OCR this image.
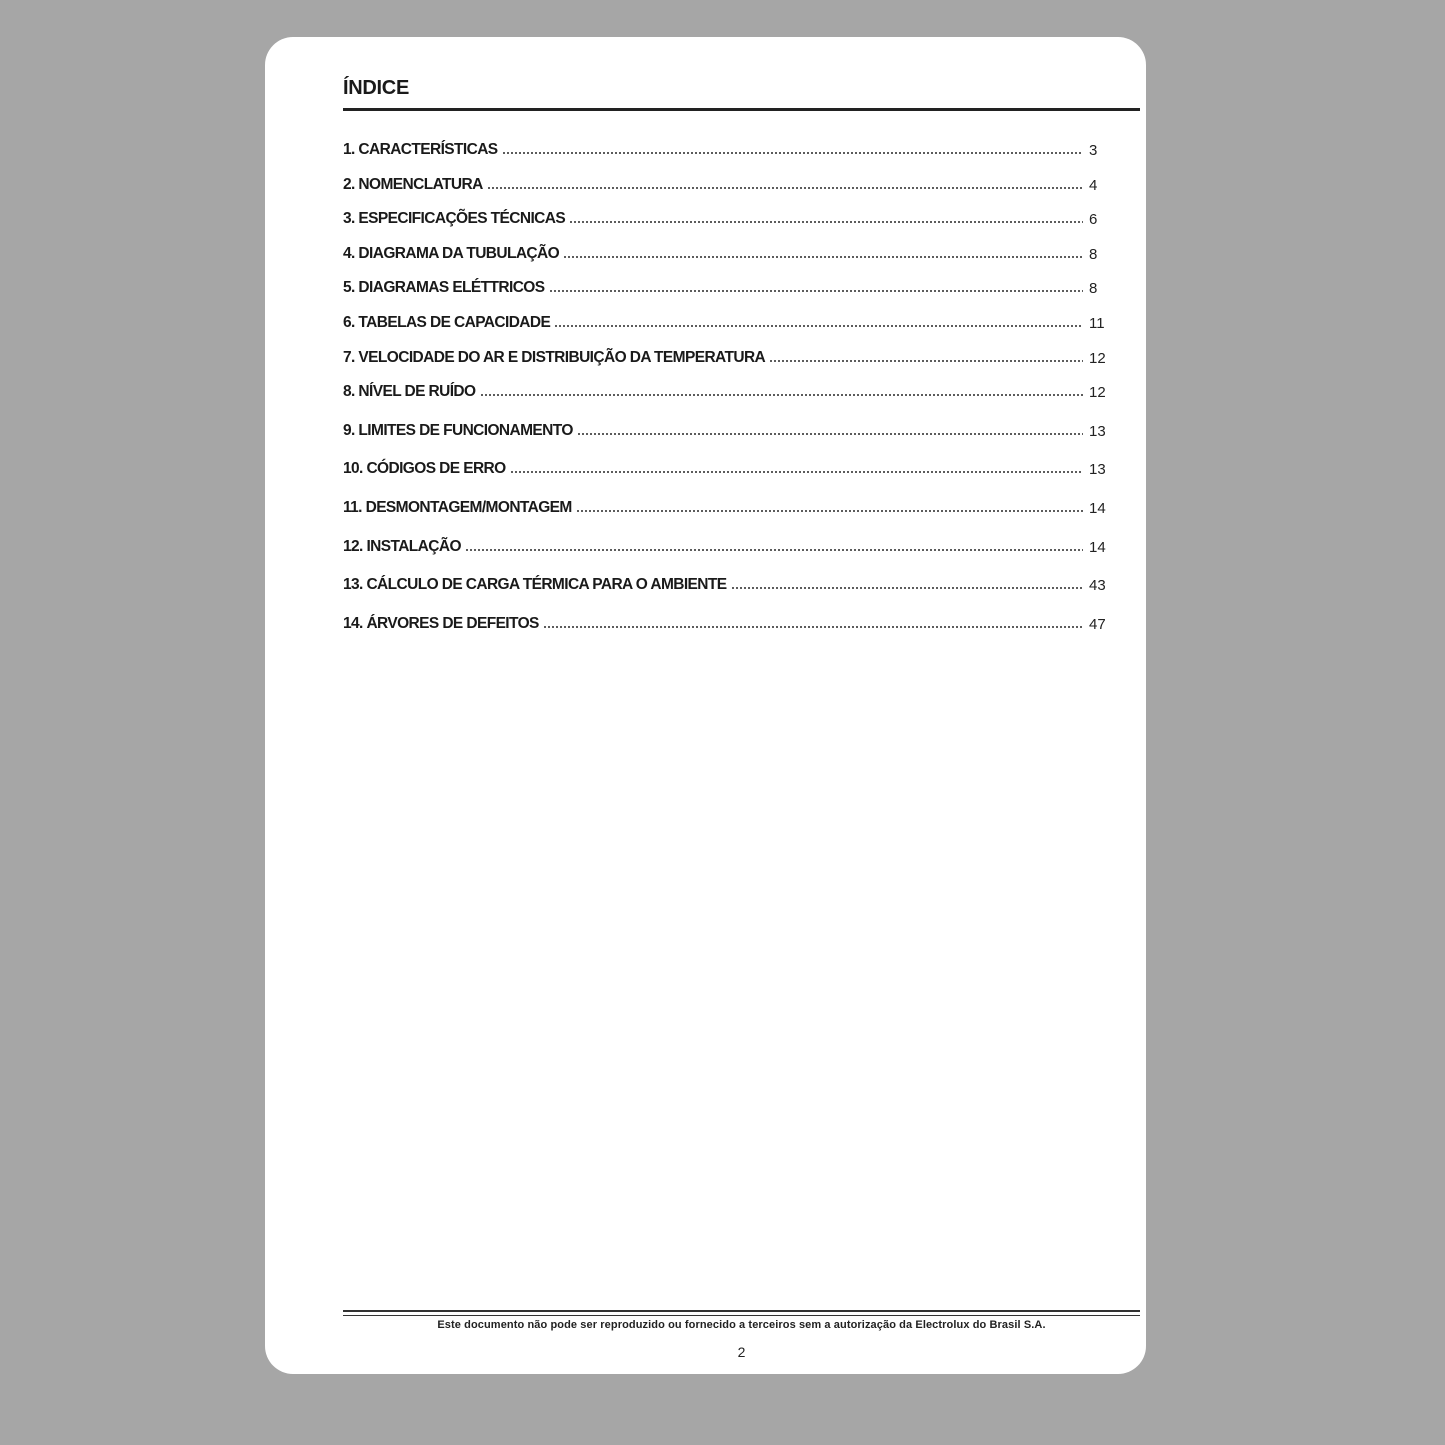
ÍNDICE
1. CARACTERÍSTICAS	3
2. NOMENCLATURA	4
3. ESPECIFICAÇÕES TÉCNICAS	6
4. DIAGRAMA DA TUBULAÇÃO	8
5. DIAGRAMAS ELÉTTRICOS	8
6. TABELAS DE CAPACIDADE	11
7. VELOCIDADE DO AR E DISTRIBUIÇÃO DA TEMPERATURA	12
8. NÍVEL DE RUÍDO	12
9. LIMITES DE FUNCIONAMENTO	13
10. CÓDIGOS DE ERRO	13
11. DESMONTAGEM/MONTAGEM	14
12. INSTALAÇÃO	14
13. CÁLCULO DE CARGA TÉRMICA PARA O AMBIENTE	43
14. ÁRVORES DE DEFEITOS	47
Este documento não pode ser reproduzido ou fornecido a terceiros sem a autorização da Electrolux do Brasil S.A.
2
